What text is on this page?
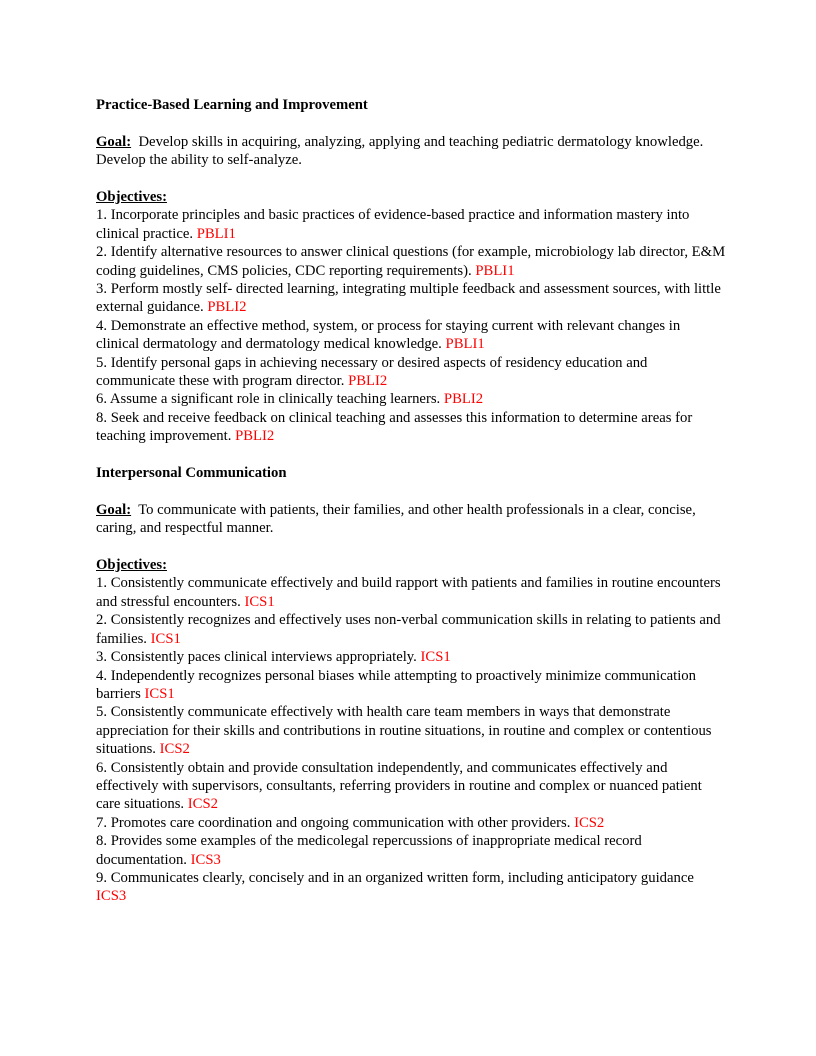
Practice-Based Learning and Improvement

Goal: Develop skills in acquiring, analyzing, applying and teaching pediatric dermatology knowledge. Develop the ability to self-analyze.

Objectives:

1. Incorporate principles and basic practices of evidence-based practice and information mastery into clinical practice. PBLI1

2. Identify alternative resources to answer clinical questions (for example, microbiology lab director, E&M coding guidelines, CMS policies, CDC reporting requirements). PBLI1

3. Perform mostly self- directed learning, integrating multiple feedback and assessment sources, with little external guidance. PBLI2

4. Demonstrate an effective method, system, or process for staying current with relevant changes in clinical dermatology and dermatology medical knowledge. PBLI1

5. Identify personal gaps in achieving necessary or desired aspects of residency education and communicate these with program director. PBLI2

6. Assume a significant role in clinically teaching learners. PBLI2

8. Seek and receive feedback on clinical teaching and assesses this information to determine areas for teaching improvement. PBLI2

Interpersonal Communication

Goal: To communicate with patients, their families, and other health professionals in a clear, concise, caring, and respectful manner.

Objectives:

1. Consistently communicate effectively and build rapport with patients and families in routine encounters and stressful encounters. ICS1

2. Consistently recognizes and effectively uses non-verbal communication skills in relating to patients and families. ICS1

3. Consistently paces clinical interviews appropriately. ICS1

4. Independently recognizes personal biases while attempting to proactively minimize communication barriers ICS1

5. Consistently communicate effectively with health care team members in ways that demonstrate appreciation for their skills and contributions in routine situations, in routine and complex or contentious situations. ICS2

6. Consistently obtain and provide consultation independently, and communicates effectively and effectively with supervisors, consultants, referring providers in routine and complex or nuanced patient care situations. ICS2

7. Promotes care coordination and ongoing communication with other providers. ICS2

8. Provides some examples of the medicolegal repercussions of inappropriate medical record documentation. ICS3

9. Communicates clearly, concisely and in an organized written form, including anticipatory guidance ICS3
